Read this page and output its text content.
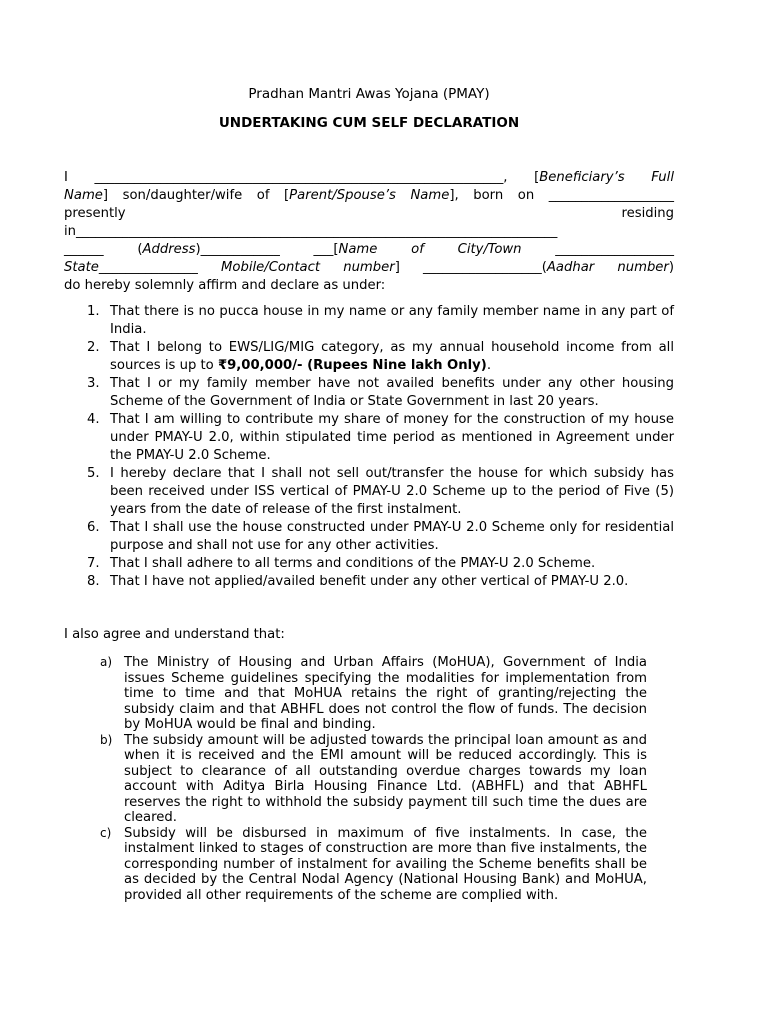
Pradhan Mantri Awas Yojana (PMAY)
UNDERTAKING CUM SELF DECLARATION
I ______________________________________________________________, [Beneficiary’s Full
Name] son/daughter/wife of [Parent/Spouse’s Name], born on ___________________
presently	residing
in_________________________________________________________________________
______ (Address)____________ ___[Name of City/Town __________________
State_______________ Mobile/Contact number] __________________(Aadhar number)
do hereby solemnly affirm and declare as under:
1. That there is no pucca house in my name or any family member name in any part of India.
2. That I belong to EWS/LIG/MIG category, as my annual household income from all sources is up to ₹9,00,000/- (Rupees Nine lakh Only).
3. That I or my family member have not availed benefits under any other housing Scheme of the Government of India or State Government in last 20 years.
4. That I am willing to contribute my share of money for the construction of my house under PMAY-U 2.0, within stipulated time period as mentioned in Agreement under the PMAY-U 2.0 Scheme.
5. I hereby declare that I shall not sell out/transfer the house for which subsidy has been received under ISS vertical of PMAY-U 2.0 Scheme up to the period of Five (5) years from the date of release of the first instalment.
6. That I shall use the house constructed under PMAY-U 2.0 Scheme only for residential purpose and shall not use for any other activities.
7. That I shall adhere to all terms and conditions of the PMAY-U 2.0 Scheme.
8. That I have not applied/availed benefit under any other vertical of PMAY-U 2.0.
I also agree and understand that:
a) The Ministry of Housing and Urban Affairs (MoHUA), Government of India issues Scheme guidelines specifying the modalities for implementation from time to time and that MoHUA retains the right of granting/rejecting the subsidy claim and that ABHFL does not control the flow of funds. The decision by MoHUA would be final and binding.
b) The subsidy amount will be adjusted towards the principal loan amount as and when it is received and the EMI amount will be reduced accordingly. This is subject to clearance of all outstanding overdue charges towards my loan account with Aditya Birla Housing Finance Ltd. (ABHFL) and that ABHFL reserves the right to withhold the subsidy payment till such time the dues are cleared.
c) Subsidy will be disbursed in maximum of five instalments. In case, the instalment linked to stages of construction are more than five instalments, the corresponding number of instalment for availing the Scheme benefits shall be as decided by the Central Nodal Agency (National Housing Bank) and MoHUA, provided all other requirements of the scheme are complied with.
